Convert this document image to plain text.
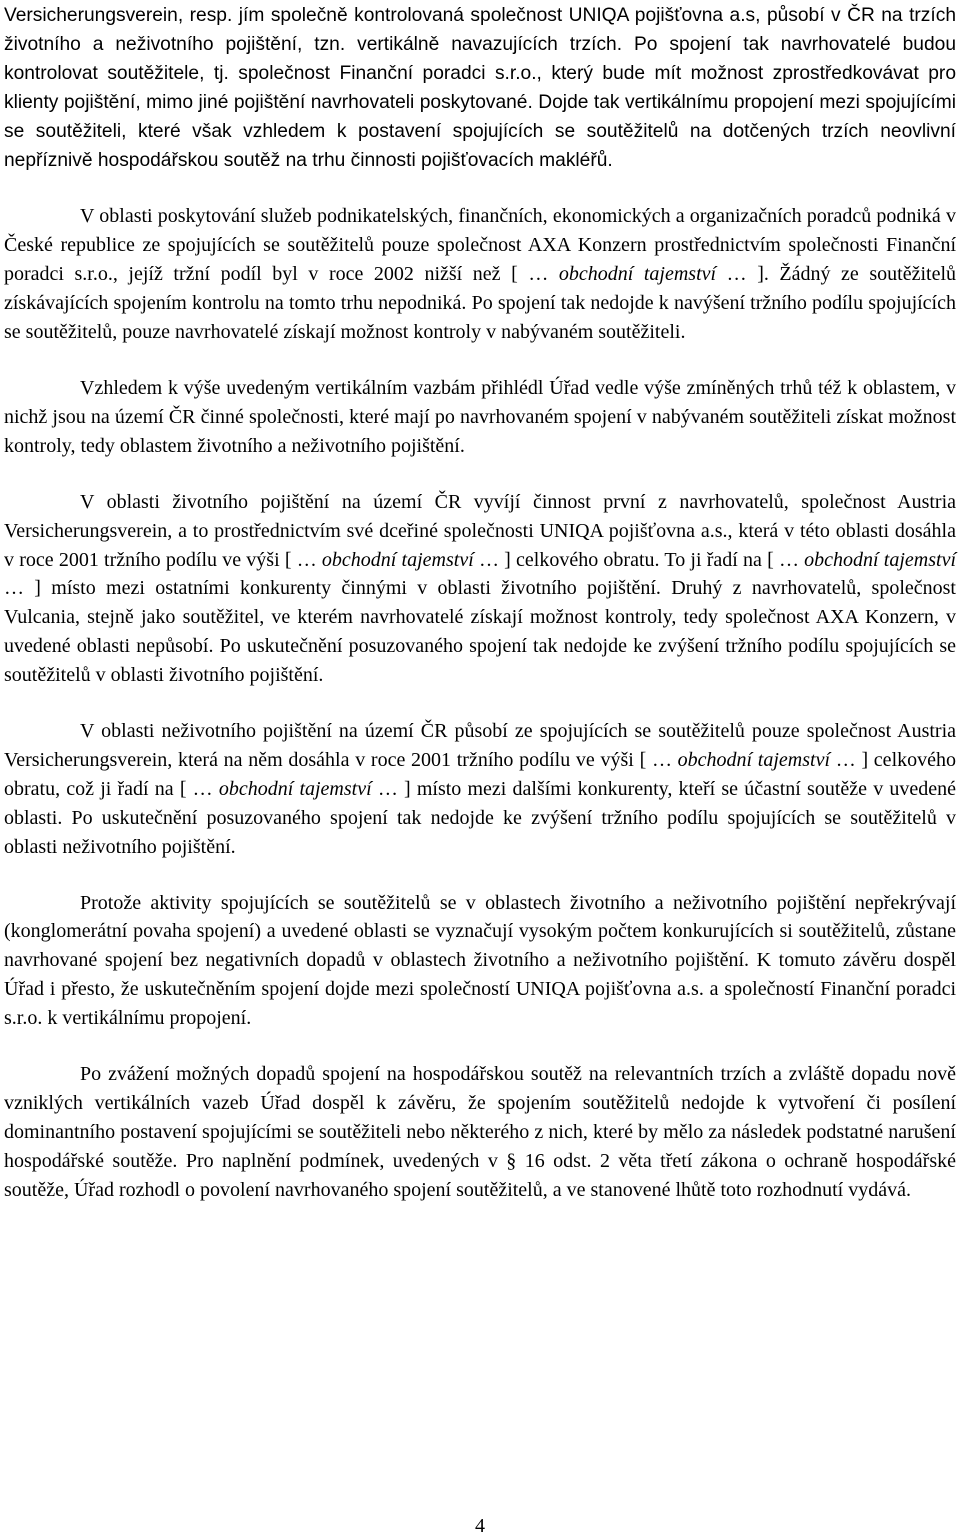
Versicherungsverein, resp. jím společně kontrolovaná společnost UNIQA pojišťovna a.s, působí v ČR na trzích životního a neživotního pojištění, tzn. vertikálně navazujících trzích. Po spojení tak navrhovatelé budou kontrolovat soutěžitele, tj. společnost Finanční poradci s.r.o., který bude mít možnost zprostředkovávat pro klienty pojištění, mimo jiné pojištění navrhovateli poskytované. Dojde tak vertikálnímu propojení mezi spojujícími se soutěžiteli, které však vzhledem k postavení spojujících se soutěžitelů na dotčených trzích neovlivní nepříznivě hospodářskou soutěž na trhu činnosti pojišťovacích makléřů.

V oblasti poskytování služeb podnikatelských, finančních, ekonomických a organizačních poradců podniká v České republice ze spojujících se soutěžitelů pouze společnost AXA Konzern prostřednictvím společnosti Finanční poradci s.r.o., jejíž tržní podíl byl v roce 2002 nižší než [ … obchodní tajemství … ]. Žádný ze soutěžitelů získávajících spojením kontrolu na tomto trhu nepodniká. Po spojení tak nedojde k navýšení tržního podílu spojujících se soutěžitelů, pouze navrhovatelé získají možnost kontroly v nabývaném soutěžiteli.

Vzhledem k výše uvedeným vertikálním vazbám přihlédl Úřad vedle výše zmíněných trhů též k oblastem, v nichž jsou na území ČR činné společnosti, které mají po navrhovaném spojení v nabývaném soutěžiteli získat možnost kontroly, tedy oblastem životního a neživotního pojištění.

V oblasti životního pojištění na území ČR vyvíjí činnost první z navrhovatelů, společnost Austria Versicherungsverein, a to prostřednictvím své dceřiné společnosti UNIQA pojišťovna a.s., která v této oblasti dosáhla v roce 2001 tržního podílu ve výši [ … obchodní tajemství … ] celkového obratu. To ji řadí na [ … obchodní tajemství … ] místo mezi ostatními konkurenty činnými v oblasti životního pojištění. Druhý z navrhovatelů, společnost Vulcania, stejně jako soutěžitel, ve kterém navrhovatelé získají možnost kontroly, tedy společnost AXA Konzern, v uvedené oblasti nepůsobí. Po uskutečnění posuzovaného spojení tak nedojde ke zvýšení tržního podílu spojujících se soutěžitelů v oblasti životního pojištění.

V oblasti neživotního pojištění na území ČR působí ze spojujících se soutěžitelů pouze společnost Austria Versicherungsverein, která na něm dosáhla v roce 2001 tržního podílu ve výši [ … obchodní tajemství … ] celkového obratu, což ji řadí na [ … obchodní tajemství … ] místo mezi dalšími konkurenty, kteří se účastní soutěže v uvedené oblasti. Po uskutečnění posuzovaného spojení tak nedojde ke zvýšení tržního podílu spojujících se soutěžitelů v oblasti neživotního pojištění.

Protože aktivity spojujících se soutěžitelů se v oblastech životního a neživotního pojištění nepřekrývají (konglomerátní povaha spojení) a uvedené oblasti se vyznačují vysokým počtem konkurujících si soutěžitelů, zůstane navrhované spojení bez negativních dopadů v oblastech životního a neživotního pojištění. K tomuto závěru dospěl Úřad i přesto, že uskutečněním spojení dojde mezi společností UNIQA pojišťovna a.s. a společností Finanční poradci s.r.o. k vertikálnímu propojení.

Po zvážení možných dopadů spojení na hospodářskou soutěž na relevantních trzích a zvláště dopadu nově vzniklých vertikálních vazeb Úřad dospěl k závěru, že spojením soutěžitelů nedojde k vytvoření či posílení dominantního postavení spojujícími se soutěžiteli nebo některého z nich, které by mělo za následek podstatné narušení hospodářské soutěže. Pro naplnění podmínek, uvedených v § 16 odst. 2 věta třetí zákona o ochraně hospodářské soutěže, Úřad rozhodl o povolení navrhovaného spojení soutěžitelů, a ve stanovené lhůtě toto rozhodnutí vydává.

4
